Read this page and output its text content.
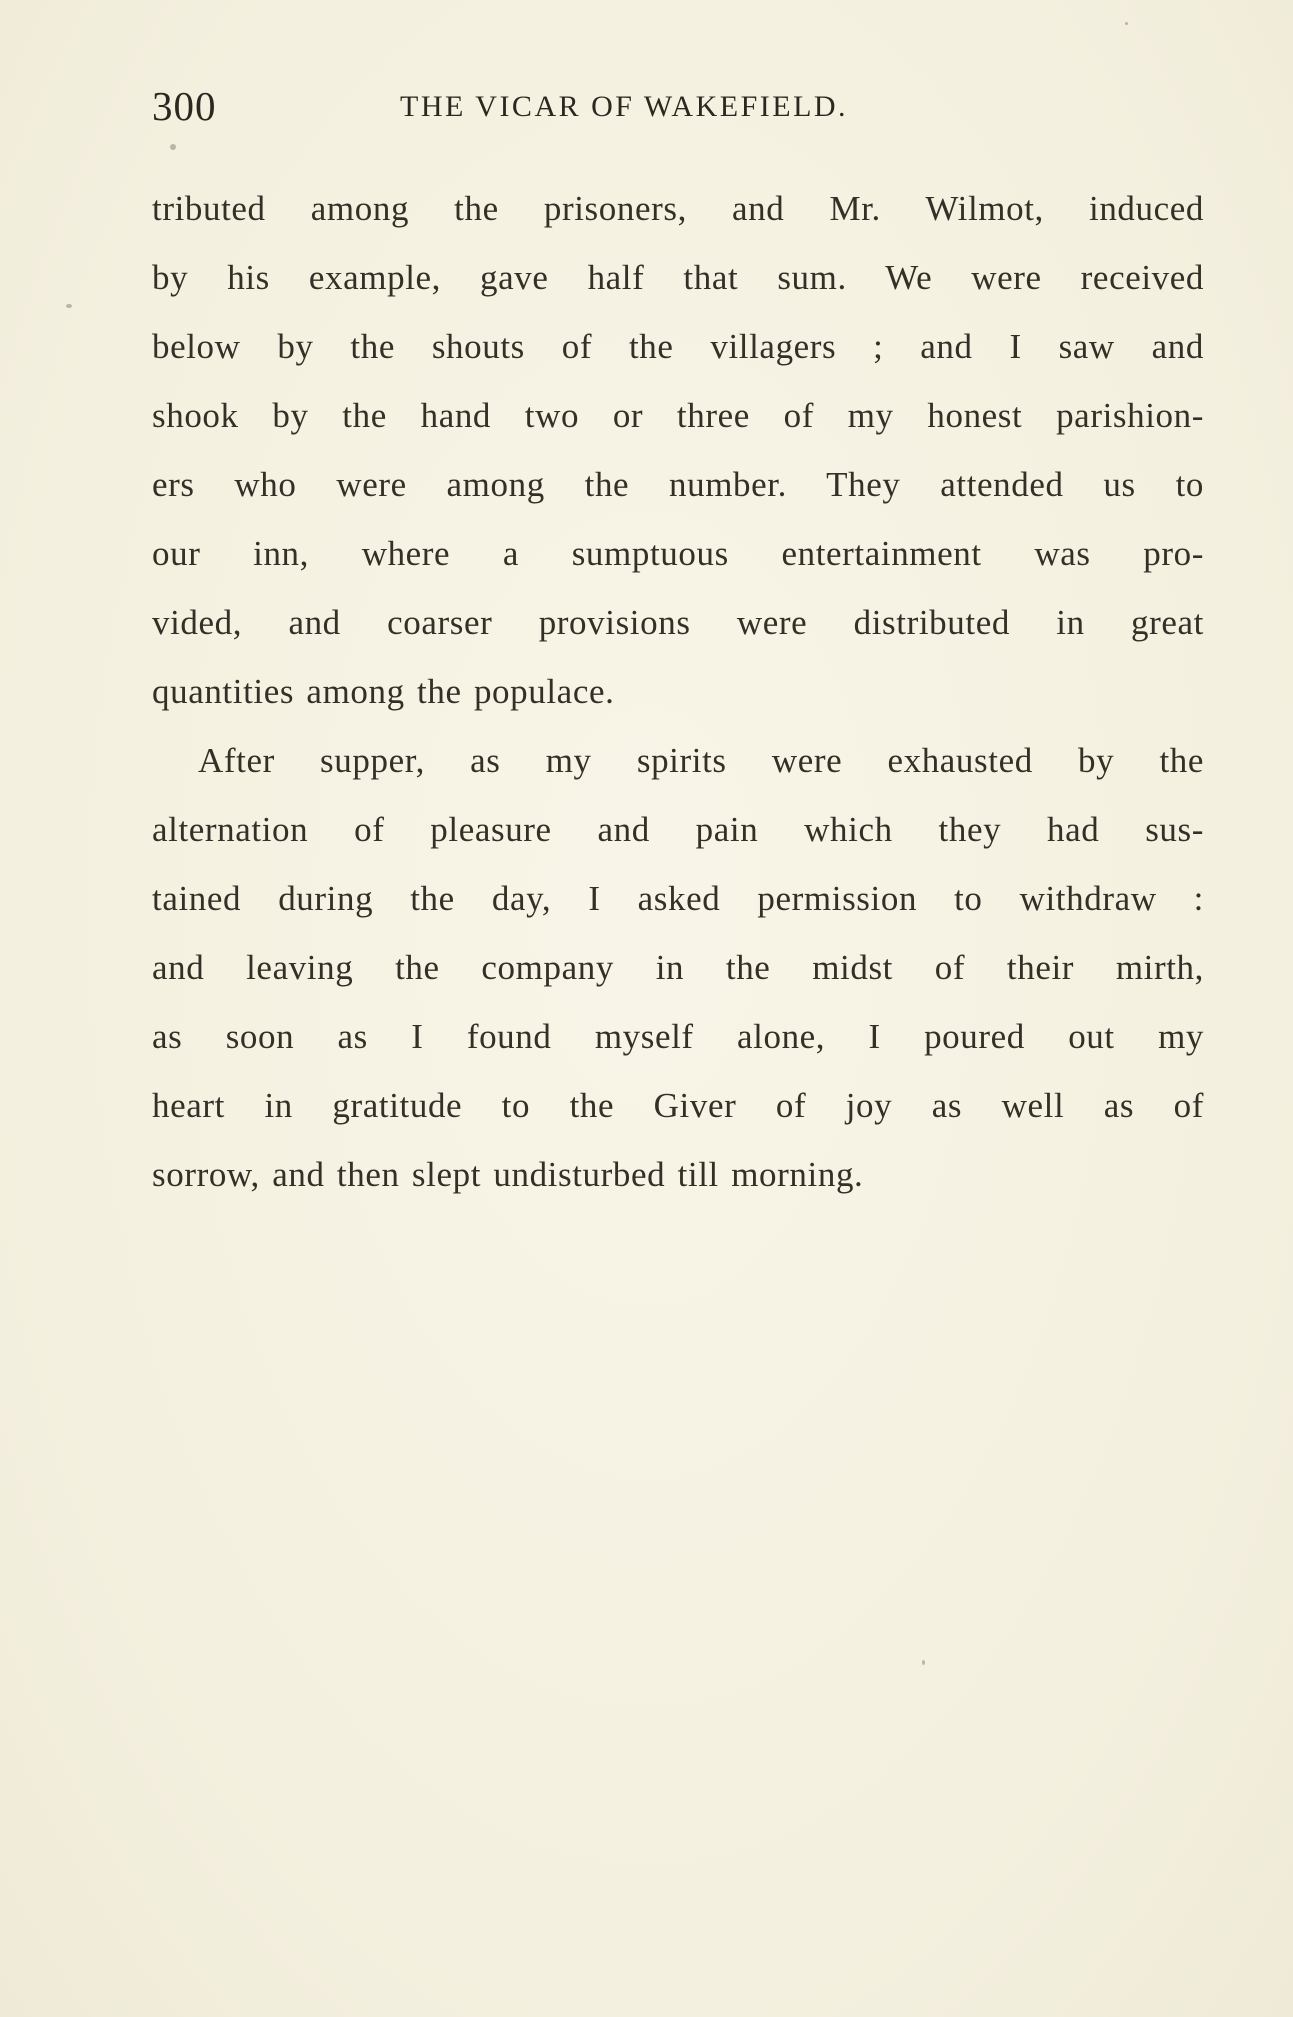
300	THE VICAR OF WAKEFIELD.

tributed among the prisoners, and Mr. Wilmot, induced

by his example, gave half that sum. We were received

below by the shouts of the villagers ; and I saw and

shook by the hand two or three of my honest parishion-

ers who were among the number. They attended us to

our inn, where a sumptuous entertainment was pro-

vided, and coarser provisions were distributed in great

quantities among the populace.

After supper, as my spirits were exhausted by the

alternation of pleasure and pain which they had sus-

tained during the day, I asked permission to withdraw :

and leaving the company in the midst of their mirth,

as soon as I found myself alone, I poured out my

heart in gratitude to the Giver of joy as well as of

sorrow, and then slept undisturbed till morning.
